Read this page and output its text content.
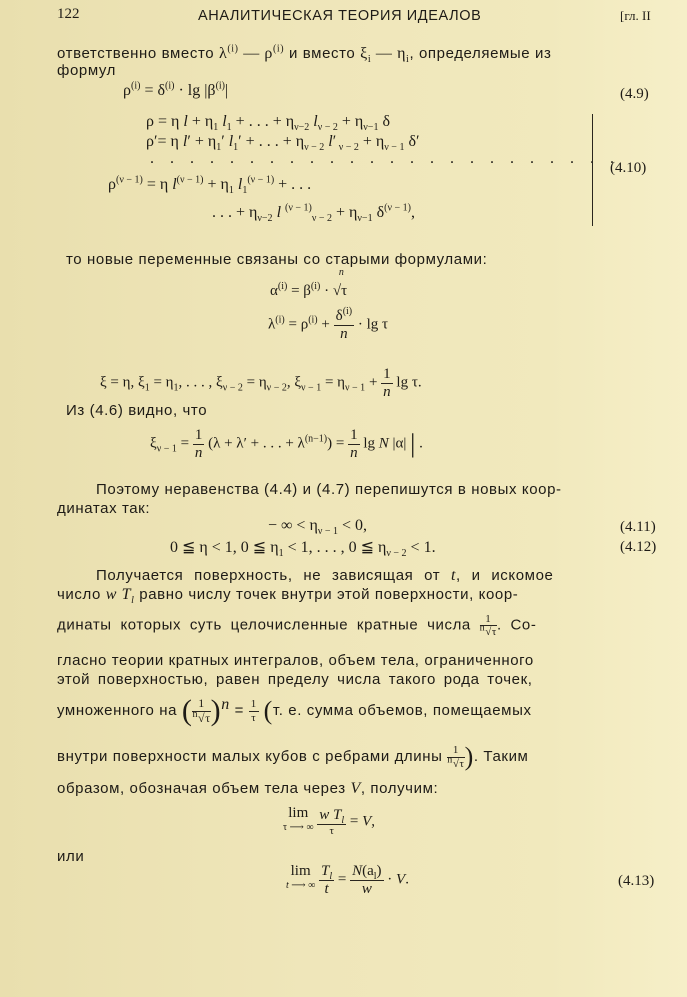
122	АНАЛИТИЧЕСКАЯ ТЕОРИЯ ИДЕАЛОВ	[гл. II
ответственно вместо $\lambda^{(i)}$ — $\rho^{(i)}$ и вместо $\xi_i$ — $\eta_i$, определяемые из
формул
$\rho^{(i)} = \delta^{(i)} \cdot \lg |\beta^{(i)}|$	(4.9)
ρ = η $l + \eta_1$ $l_1$ + . . . + $\eta_{\nu-2}$ $l_{\nu - 2} + \eta_{\nu-1}$ δ
ρ′= η $l' + \eta_1'$ $l_1'$ + . . . + $\eta_{\nu - 2}$ l′ $_{\nu - 2} + \eta_{\nu - 1}$ δ′
. . . . . . . . . . . . . . . . . . . . . . . .
$\rho^{(\nu - 1)} = \eta$ $l^{(\nu - 1)} + \eta_1$ $l_1^{(\nu - 1)}$ + . . .
. . . + $\eta_{\nu-2}$ l $^{(\nu - 1)}_{\nu - 2} + \eta_{\nu-1}$ $\delta^{(\nu - 1)}$,
(4.10)
то новые переменные связаны со старыми формулами:
$\alpha^{(i)} = \beta^{(i)}$ ·
n
√τ
$\lambda^{(i)} = \rho^{(i)} + \frac{\delta^{(i)}}{n} \cdot \lg \tau$
ξ = η, $\xi_1 = \eta_1$, . . . , $\xi_{\nu - 2} = \eta_{\nu - 2}$, $\xi_{\nu - 1} = \eta_{\nu - 1} + \frac{1}{n}$ lg τ.
Из (4.6) видно, что
$\xi_{\nu - 1} = \frac{1}{n} (\lambda + \lambda'$ + . . . + $\lambda^{(n-1)}) = \frac{1}{n}$ lg N |α| | .
Поэтому неравенства (4.4) и (4.7) перепишутся в новых коор-
динатах так:
− ∞ < $\eta_{\nu - 1} < 0$,	(4.11)
0 ≦ η < 1, 0 ≦ $\eta_1 < 1$, . . . , 0 ≦ $\eta_{\nu - 2} < 1$.	(4.12)
Получается поверхность, не зависящая от t, и искомое
число w $T_l$ равно числу точек внутри этой поверхности, коор-
динаты которых суть целочисленные кратные числа $\frac{1}{^n√\tau}$ . Со-
гласно теории кратных интегралов, объем тела, ограниченного
этой поверхностью, равен пределу числа такого рода точек,
умноженного на ( $\frac{1}{^n√\tau} )^n = \frac{1}{\tau} (т$. е. сумма объемов, помещаемых
внутри поверхности малых кубов с ребрами длины $\frac{1}{^n√\tau}$ ). Таким
образом, обозначая объем тела через V, получим:
lim
τ ⟶ ∞
$\frac{w T_l}{\tau} = V$,
или
lim
t ⟶ ∞
$\frac{T_l}{t} = \frac{N(a_l)}{w} \cdot V$.	(4.13)
